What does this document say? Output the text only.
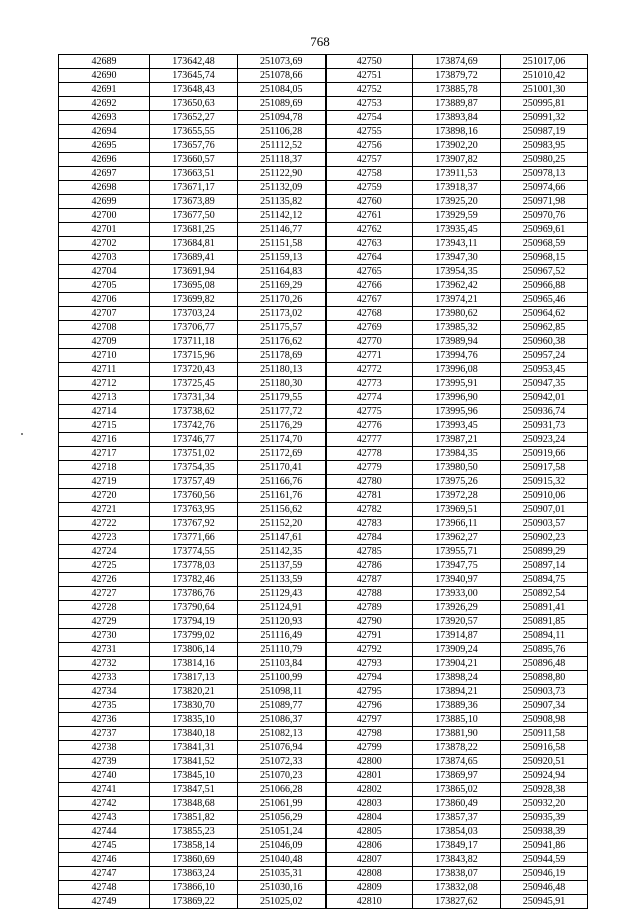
768
42689	173642,48	251073,69	42750	173874,69	251017,06
42690	173645,74	251078,66	42751	173879,72	251010,42
42691	173648,43	251084,05	42752	173885,78	251001,30
42692	173650,63	251089,69	42753	173889,87	250995,81
42693	173652,27	251094,78	42754	173893,84	250991,32
42694	173655,55	251106,28	42755	173898,16	250987,19
42695	173657,76	251112,52	42756	173902,20	250983,95
42696	173660,57	251118,37	42757	173907,82	250980,25
42697	173663,51	251122,90	42758	173911,53	250978,13
42698	173671,17	251132,09	42759	173918,37	250974,66
42699	173673,89	251135,82	42760	173925,20	250971,98
42700	173677,50	251142,12	42761	173929,59	250970,76
42701	173681,25	251146,77	42762	173935,45	250969,61
42702	173684,81	251151,58	42763	173943,11	250968,59
42703	173689,41	251159,13	42764	173947,30	250968,15
42704	173691,94	251164,83	42765	173954,35	250967,52
42705	173695,08	251169,29	42766	173962,42	250966,88
42706	173699,82	251170,26	42767	173974,21	250965,46
42707	173703,24	251173,02	42768	173980,62	250964,62
42708	173706,77	251175,57	42769	173985,32	250962,85
42709	173711,18	251176,62	42770	173989,94	250960,38
42710	173715,96	251178,69	42771	173994,76	250957,24
42711	173720,43	251180,13	42772	173996,08	250953,45
42712	173725,45	251180,30	42773	173995,91	250947,35
42713	173731,34	251179,55	42774	173996,90	250942,01
42714	173738,62	251177,72	42775	173995,96	250936,74
42715	173742,76	251176,29	42776	173993,45	250931,73
42716	173746,77	251174,70	42777	173987,21	250923,24
42717	173751,02	251172,69	42778	173984,35	250919,66
42718	173754,35	251170,41	42779	173980,50	250917,58
42719	173757,49	251166,76	42780	173975,26	250915,32
42720	173760,56	251161,76	42781	173972,28	250910,06
42721	173763,95	251156,62	42782	173969,51	250907,01
42722	173767,92	251152,20	42783	173966,11	250903,57
42723	173771,66	251147,61	42784	173962,27	250902,23
42724	173774,55	251142,35	42785	173955,71	250899,29
42725	173778,03	251137,59	42786	173947,75	250897,14
42726	173782,46	251133,59	42787	173940,97	250894,75
42727	173786,76	251129,43	42788	173933,00	250892,54
42728	173790,64	251124,91	42789	173926,29	250891,41
42729	173794,19	251120,93	42790	173920,57	250891,85
42730	173799,02	251116,49	42791	173914,87	250894,11
42731	173806,14	251110,79	42792	173909,24	250895,76
42732	173814,16	251103,84	42793	173904,21	250896,48
42733	173817,13	251100,99	42794	173898,24	250898,80
42734	173820,21	251098,11	42795	173894,21	250903,73
42735	173830,70	251089,77	42796	173889,36	250907,34
42736	173835,10	251086,37	42797	173885,10	250908,98
42737	173840,18	251082,13	42798	173881,90	250911,58
42738	173841,31	251076,94	42799	173878,22	250916,58
42739	173841,52	251072,33	42800	173874,65	250920,51
42740	173845,10	251070,23	42801	173869,97	250924,94
42741	173847,51	251066,28	42802	173865,02	250928,38
42742	173848,68	251061,99	42803	173860,49	250932,20
42743	173851,82	251056,29	42804	173857,37	250935,39
42744	173855,23	251051,24	42805	173854,03	250938,39
42745	173858,14	251046,09	42806	173849,17	250941,86
42746	173860,69	251040,48	42807	173843,82	250944,59
42747	173863,24	251035,31	42808	173838,07	250946,19
42748	173866,10	251030,16	42809	173832,08	250946,48
42749	173869,22	251025,02	42810	173827,62	250945,91
